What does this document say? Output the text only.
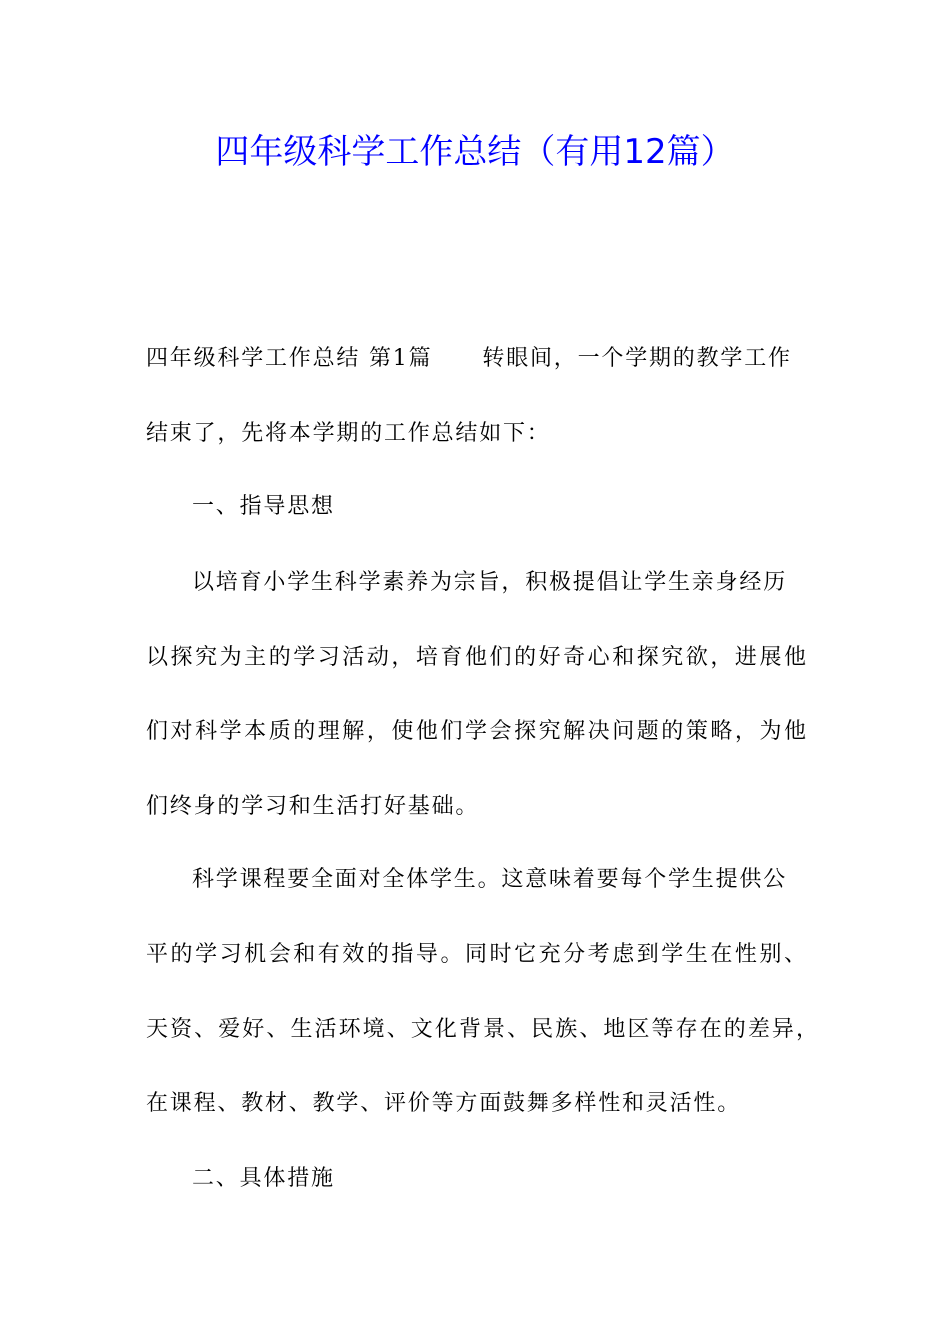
四年级科学工作总结（有用12篇）
四年级科学工作总结 第1篇 转眼间，一个学期的教学工作
结束了，先将本学期的工作总结如下：
一、指导思想
以培育小学生科学素养为宗旨，积极提倡让学生亲身经历
以探究为主的学习活动，培育他们的好奇心和探究欲，进展他
们对科学本质的理解，使他们学会探究解决问题的策略，为他
们终身的学习和生活打好基础。
科学课程要全面对全体学生。这意味着要每个学生提供公
平的学习机会和有效的指导。同时它充分考虑到学生在性别、
天资、爱好、生活环境、文化背景、民族、地区等存在的差异，
在课程、教材、教学、评价等方面鼓舞多样性和灵活性。
二、具体措施
